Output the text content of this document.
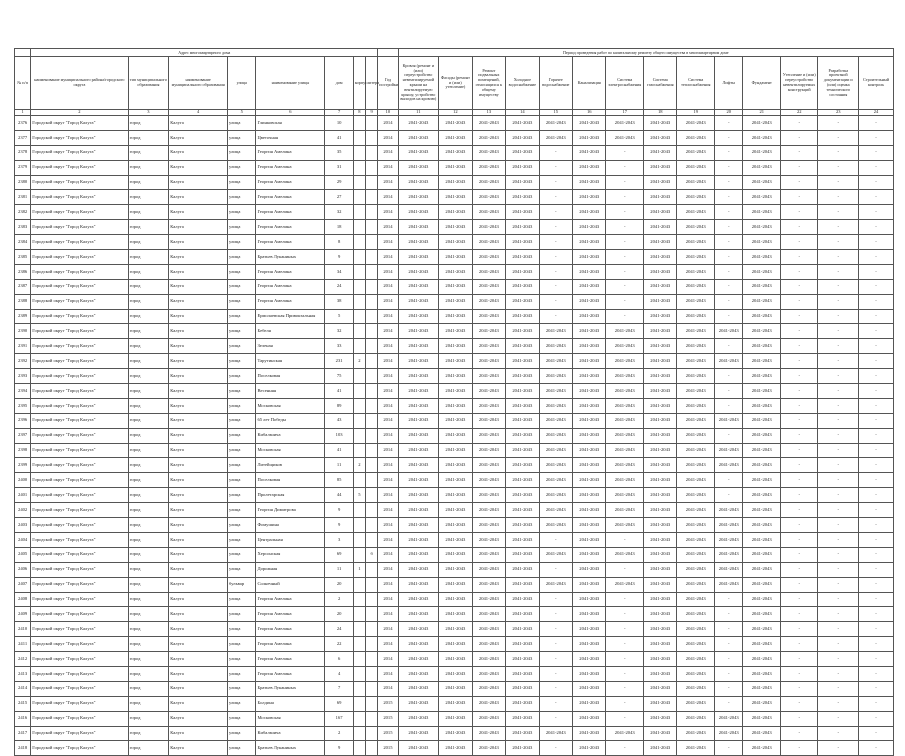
	Адрес многоквартирного дома									Период проведения работ по капитальному ремонту общего имущества в многоквартирном доме													
№ п/п	наименование муниципального района/городского округа	тип муниципального образования	наименование муниципального образования	улица	наименование улицы	дом	корпус	литера	Год постройки	Кровля (ремонт и (или) переустройство невентилируемой крыши на вентилируемую крышу, устройство выходов на кровлю)	Фасады (ремонт и (или) утепление)	Ремонт подвальных помещений, относящихся к общему имуществу	Холодное водоснабжение	Горячее водоснабжение	Канализация	Система электроснабжения	Система газоснабжения	Система теплоснабжения	Лифты	Фундамент	Утепление и (или) переустройство невентилируемых конструкций	Разработка проектной документации и (или) оценка технического состояния	Строительный контроль
1	2	3	4	5	6	7	8	9	10	11	12	13	14	15	16	17	18	19	20	21	22	23	24
2376	Городской округ "Город Калуга"	город	Калуга	улица	Глинковская	10			2014	2041-2043	2041-2043	2041-2043	2041-2043	2041-2043	2041-2043	2041-2043	2041-2043	2041-2043	-	2041-2043	-	-	-
2377	Городской округ "Город Калуга"	город	Калуга	улица	Цветочная	41			2014	2041-2043	2041-2043	2041-2043	2041-2043	2041-2043	2041-2043	2041-2043	2041-2043	2041-2043	-	2041-2043	-	-	-
2378	Городской округ "Город Калуга"	город	Калуга	улица	Георгия Амелина	35			2014	2041-2043	2041-2043	2041-2043	2041-2043	-	2041-2043	-	2041-2043	2041-2043	-	2041-2043	-	-	-
2379	Городской округ "Город Калуга"	город	Калуга	улица	Георгия Амелина	31			2014	2041-2043	2041-2043	2041-2043	2041-2043	-	2041-2043	-	2041-2043	2041-2043	-	2041-2043	-	-	-
2380	Городской округ "Город Калуга"	город	Калуга	улица	Георгия Амелина	29			2014	2041-2043	2041-2043	2041-2043	2041-2043	-	2041-2043	-	2041-2043	2041-2043	-	2041-2043	-	-	-
2381	Городской округ "Город Калуга"	город	Калуга	улица	Георгия Амелина	27			2014	2041-2043	2041-2043	2041-2043	2041-2043	-	2041-2043	-	2041-2043	2041-2043	-	2041-2043	-	-	-
2382	Городской округ "Город Калуга"	город	Калуга	улица	Георгия Амелина	32			2014	2041-2043	2041-2043	2041-2043	2041-2043	-	2041-2043	-	2041-2043	2041-2043	-	2041-2043	-	-	-
2383	Городской округ "Город Калуга"	город	Калуга	улица	Георгия Амелина	18			2014	2041-2043	2041-2043	2041-2043	2041-2043	-	2041-2043	-	2041-2043	2041-2043	-	2041-2043	-	-	-
2384	Городской округ "Город Калуга"	город	Калуга	улица	Георгия Амелина	8			2014	2041-2043	2041-2043	2041-2043	2041-2043	-	2041-2043	-	2041-2043	2041-2043	-	2041-2043	-	-	-
2385	Городской округ "Город Калуга"	город	Калуга	улица	Братьев Луканиных	9			2014	2041-2043	2041-2043	2041-2043	2041-2043	-	2041-2043	-	2041-2043	2041-2043	-	2041-2043	-	-	-
2386	Городской округ "Город Калуга"	город	Калуга	улица	Георгия Амелина	34			2014	2041-2043	2041-2043	2041-2043	2041-2043	-	2041-2043	-	2041-2043	2041-2043	-	2041-2043	-	-	-
2387	Городской округ "Город Калуга"	город	Калуга	улица	Георгия Амелина	24			2014	2041-2043	2041-2043	2041-2043	2041-2043	-	2041-2043	-	2041-2043	2041-2043	-	2041-2043	-	-	-
2388	Городской округ "Город Калуга"	город	Калуга	улица	Георгия Амелина	38			2014	2041-2043	2041-2043	2041-2043	2041-2043	-	2041-2043	-	2041-2043	2041-2043	-	2041-2043	-	-	-
2389	Городской округ "Город Калуга"	город	Калуга	улица	Ермолаевская Привокзальная	5			2014	2041-2043	2041-2043	2041-2043	2041-2043	-	2041-2043	-	2041-2043	2041-2043	-	2041-2043	-	-	-
2390	Городской округ "Город Калуга"	город	Калуга	улица	Бебеля	32			2014	2041-2043	2041-2043	2041-2043	2041-2043	2041-2043	2041-2043	2041-2043	2041-2043	2041-2043	2041-2043	2041-2043	-	-	-
2391	Городской округ "Город Калуга"	город	Калуга	улица	Зеленая	33			2014	2041-2043	2041-2043	2041-2043	2041-2043	2041-2043	2041-2043	2041-2043	2041-2043	2041-2043	-	2041-2043	-	-	-
2392	Городской округ "Город Калуга"	город	Калуга	улица	Тарутинская	231	2		2014	2041-2043	2041-2043	2041-2043	2041-2043	2041-2043	2041-2043	2041-2043	2041-2043	2041-2043	2041-2043	2041-2043	-	-	-
2393	Городской округ "Город Калуга"	город	Калуга	улица	Поселковая	75			2014	2041-2043	2041-2043	2041-2043	2041-2043	2041-2043	2041-2043	2041-2043	2041-2043	2041-2043	-	2041-2043	-	-	-
2394	Городской округ "Город Калуга"	город	Калуга	улица	Весенняя	41			2014	2041-2043	2041-2043	2041-2043	2041-2043	2041-2043	2041-2043	2041-2043	2041-2043	2041-2043	-	2041-2043	-	-	-
2395	Городской округ "Город Калуга"	город	Калуга	улица	Московская	89			2014	2041-2043	2041-2043	2041-2043	2041-2043	2041-2043	2041-2043	2041-2043	2041-2043	2041-2043	-	2041-2043	-	-	-
2396	Городской округ "Город Калуга"	город	Калуга	улица	65 лет Победы	43			2014	2041-2043	2041-2043	2041-2043	2041-2043	2041-2043	2041-2043	2041-2043	2041-2043	2041-2043	2041-2043	2041-2043	-	-	-
2397	Городской округ "Город Калуга"	город	Калуга	улица	Кибальчича	103			2014	2041-2043	2041-2043	2041-2043	2041-2043	2041-2043	2041-2043	2041-2043	2041-2043	2041-2043	-	2041-2043	-	-	-
2398	Городской округ "Город Калуга"	город	Калуга	улица	Московская	41			2014	2041-2043	2041-2043	2041-2043	2041-2043	2041-2043	2041-2043	2041-2043	2041-2043	2041-2043	2041-2043	2041-2043	-	-	-
2399	Городской округ "Город Калуга"	город	Калуга	улица	Литейщиков	11	2		2014	2041-2043	2041-2043	2041-2043	2041-2043	2041-2043	2041-2043	2041-2043	2041-2043	2041-2043	2041-2043	2041-2043	-	-	-
2400	Городской округ "Город Калуга"	город	Калуга	улица	Поселковая	85			2014	2041-2043	2041-2043	2041-2043	2041-2043	2041-2043	2041-2043	2041-2043	2041-2043	2041-2043	-	2041-2043	-	-	-
2401	Городской округ "Город Калуга"	город	Калуга	улица	Пролетарская	44	5		2014	2041-2043	2041-2043	2041-2043	2041-2043	2041-2043	2041-2043	2041-2043	2041-2043	2041-2043	-	2041-2043	-	-	-
2402	Городской округ "Город Калуга"	город	Калуга	улица	Георгия Димитрова	9			2014	2041-2043	2041-2043	2041-2043	2041-2043	2041-2043	2041-2043	2041-2043	2041-2043	2041-2043	2041-2043	2041-2043	-	-	-
2403	Городской округ "Город Калуга"	город	Калуга	улица	Фомушина	9			2014	2041-2043	2041-2043	2041-2043	2041-2043	2041-2043	2041-2043	2041-2043	2041-2043	2041-2043	2041-2043	2041-2043	-	-	-
2404	Городской округ "Город Калуга"	город	Калуга	улица	Центральная	3			2014	2041-2043	2041-2043	2041-2043	2041-2043	-	2041-2043	-	2041-2043	2041-2043	2041-2043	2041-2043	-	-	-
2405	Городской округ "Город Калуга"	город	Калуга	улица	Херсонская	69		б	2014	2041-2043	2041-2043	2041-2043	2041-2043	2041-2043	2041-2043	2041-2043	2041-2043	2041-2043	2041-2043	2041-2043	-	-	-
2406	Городской округ "Город Калуга"	город	Калуга	улица	Дорожная	11	1		2014	2041-2043	2041-2043	2041-2043	2041-2043	-	2041-2043	-	2041-2043	2041-2043	2041-2043	2041-2043	-	-	-
2407	Городской округ "Город Калуга"	город	Калуга	бульвар	Солнечный	20			2014	2041-2043	2041-2043	2041-2043	2041-2043	2041-2043	2041-2043	2041-2043	2041-2043	2041-2043	2041-2043	2041-2043	-	-	-
2408	Городской округ "Город Калуга"	город	Калуга	улица	Георгия Амелина	2			2014	2041-2043	2041-2043	2041-2043	2041-2043	-	2041-2043	-	2041-2043	2041-2043	-	2041-2043	-	-	-
2409	Городской округ "Город Калуга"	город	Калуга	улица	Георгия Амелина	20			2014	2041-2043	2041-2043	2041-2043	2041-2043	-	2041-2043	-	2041-2043	2041-2043	-	2041-2043	-	-	-
2410	Городской округ "Город Калуга"	город	Калуга	улица	Георгия Амелина	24			2014	2041-2043	2041-2043	2041-2043	2041-2043	-	2041-2043	-	2041-2043	2041-2043	-	2041-2043	-	-	-
2411	Городской округ "Город Калуга"	город	Калуга	улица	Георгия Амелина	22			2014	2041-2043	2041-2043	2041-2043	2041-2043	-	2041-2043	-	2041-2043	2041-2043	-	2041-2043	-	-	-
2412	Городской округ "Город Калуга"	город	Калуга	улица	Георгия Амелина	6			2014	2041-2043	2041-2043	2041-2043	2041-2043	-	2041-2043	-	2041-2043	2041-2043	-	2041-2043	-	-	-
2413	Городской округ "Город Калуга"	город	Калуга	улица	Георгия Амелина	4			2014	2041-2043	2041-2043	2041-2043	2041-2043	-	2041-2043	-	2041-2043	2041-2043	-	2041-2043	-	-	-
2414	Городской округ "Город Калуга"	город	Калуга	улица	Братьев Луканиных	7			2014	2041-2043	2041-2043	2041-2043	2041-2043	-	2041-2043	-	2041-2043	2041-2043	-	2041-2043	-	-	-
2415	Городской округ "Город Калуга"	город	Калуга	улица	Болдина	69			2015	2041-2043	2041-2043	2041-2043	2041-2043	-	2041-2043	-	2041-2043	2041-2043	-	2041-2043	-	-	-
2416	Городской округ "Город Калуга"	город	Калуга	улица	Московская	167			2015	2041-2043	2041-2043	2041-2043	2041-2043	-	2041-2043	-	2041-2043	2041-2043	2041-2043	2041-2043	-	-	-
2417	Городской округ "Город Калуга"	город	Калуга	улица	Кибальчича	2			2015	2041-2043	2041-2043	2041-2043	2041-2043	2041-2043	2041-2043	2041-2043	2041-2043	2041-2043	2041-2043	2041-2043	-	-	-
2418	Городской округ "Город Калуга"	город	Калуга	улица	Братьев Луканиных	9			2015	2041-2043	2041-2043	2041-2043	2041-2043	-	2041-2043	-	2041-2043	2041-2043	-	2041-2043	-	-	-
